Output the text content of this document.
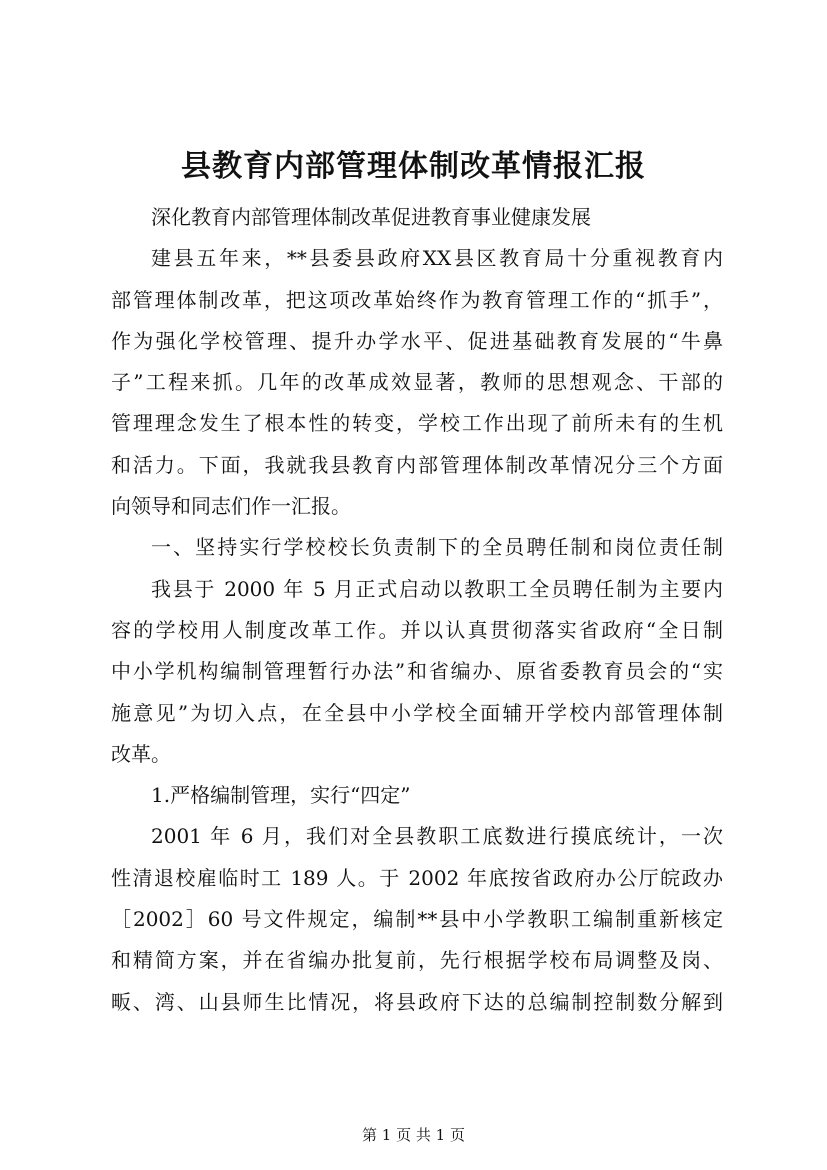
县教育内部管理体制改革情报汇报
深化教育内部管理体制改革促进教育事业健康发展
建县五年来，**县委县政府XX县区教育局十分重视教育内
部管理体制改革，把这项改革始终作为教育管理工作的“抓手”，
作为强化学校管理、提升办学水平、促进基础教育发展的“牛鼻
子”工程来抓。几年的改革成效显著，教师的思想观念、干部的
管理理念发生了根本性的转变，学校工作出现了前所未有的生机
和活力。下面，我就我县教育内部管理体制改革情况分三个方面
向领导和同志们作一汇报。
一、坚持实行学校校长负责制下的全员聘任制和岗位责任制
我县于 2000 年 5 月正式启动以教职工全员聘任制为主要内
容的学校用人制度改革工作。并以认真贯彻落实省政府“全日制
中小学机构编制管理暂行办法”和省编办、原省委教育员会的“实
施意见”为切入点，在全县中小学校全面辅开学校内部管理体制
改革。
1.严格编制管理，实行“四定”
2001 年 6 月，我们对全县教职工底数进行摸底统计，一次
性清退校雇临时工 189 人。于 2002 年底按省政府办公厅皖政办
［2002］60 号文件规定，编制**县中小学教职工编制重新核定
和精简方案，并在省编办批复前，先行根据学校布局调整及岗、
畈、湾、山县师生比情况，将县政府下达的总编制控制数分解到
第 1 页 共 1 页
